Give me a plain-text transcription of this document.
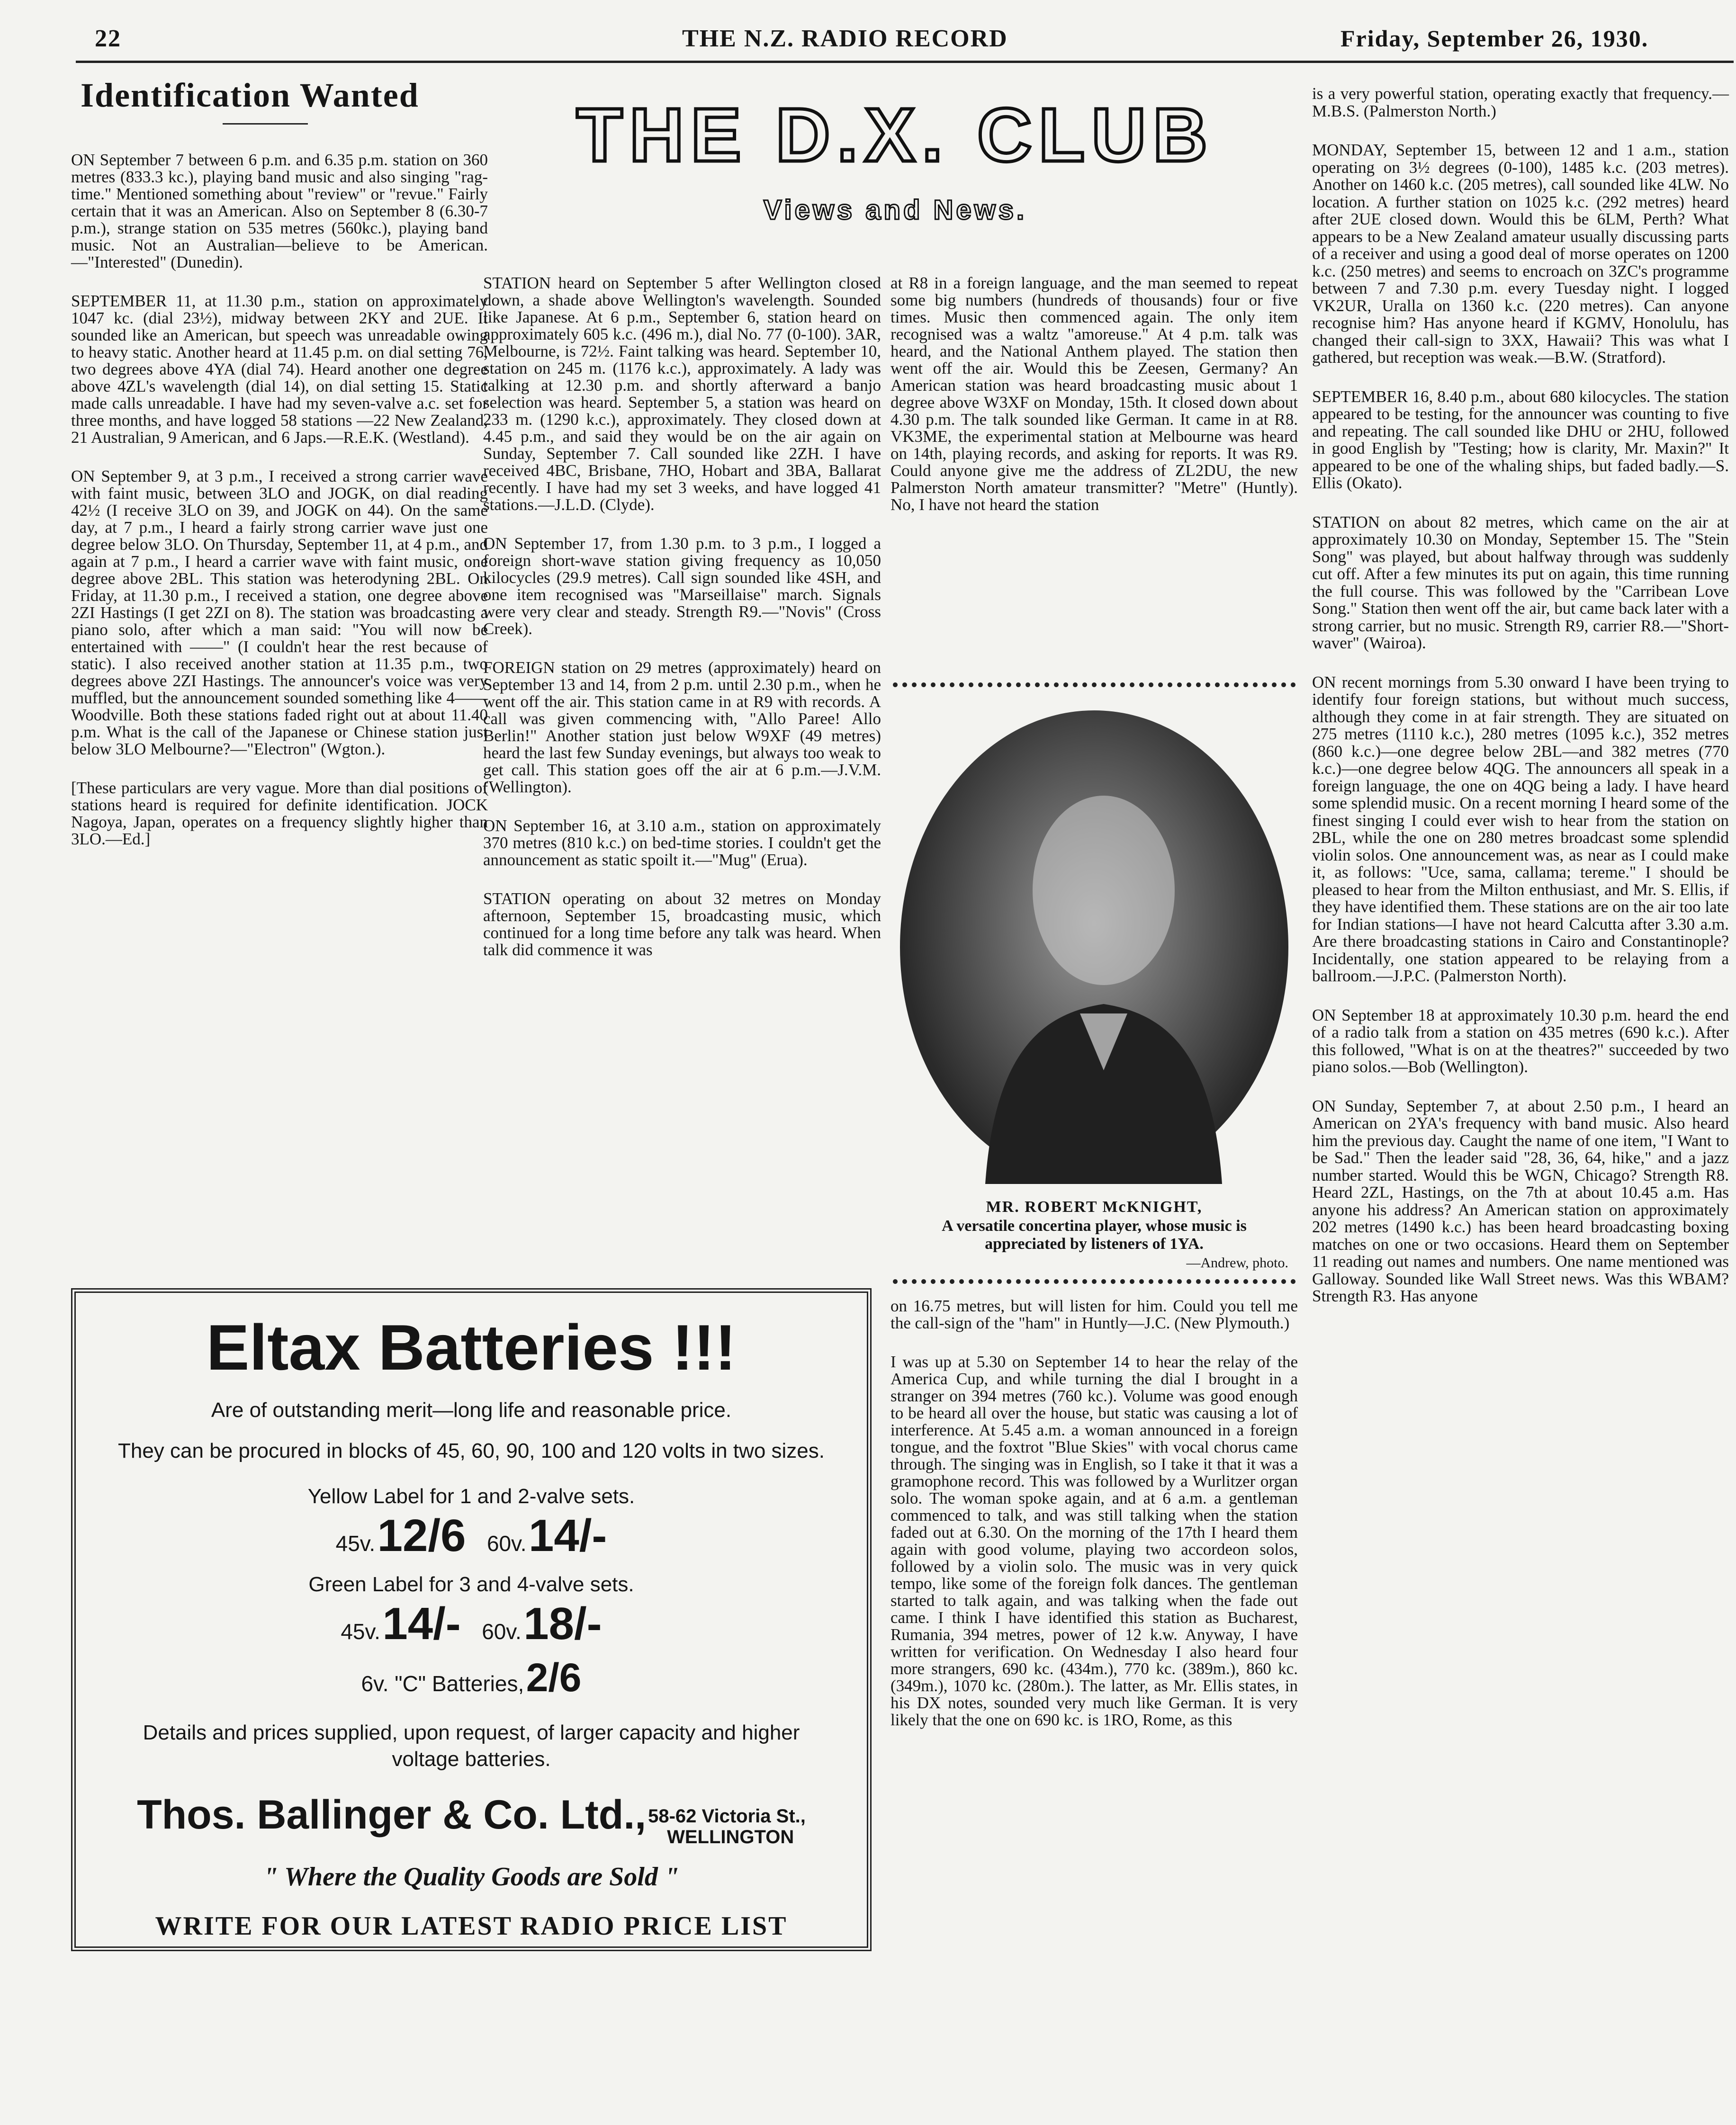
22	THE N.Z. RADIO RECORD	Friday, September 26, 1930.
Identification Wanted

ON September 7 between 6 p.m. and 6.35 p.m. station on 360 metres (833.3 kc.), playing band music and also singing "rag-time." Mentioned something about "review" or "revue." Fairly certain that it was an American. Also on September 8 (6.30-7 p.m.), strange station on 535 metres (560kc.), playing band music. Not an Australian—believe to be American.—"Interested" (Dunedin).

SEPTEMBER 11, at 11.30 p.m., station on approximately 1047 kc. (dial 23½), midway between 2KY and 2UE. It sounded like an American, but speech was unreadable owing to heavy static. Another heard at 11.45 p.m. on dial setting 76, two degrees above 4YA (dial 74). Heard another one degree above 4ZL's wavelength (dial 14), on dial setting 15. Static made calls unreadable. I have had my seven-valve a.c. set for three months, and have logged 58 stations —22 New Zealand, 21 Australian, 9 American, and 6 Japs.—R.E.K. (Westland).

ON September 9, at 3 p.m., I received a strong carrier wave with faint music, between 3LO and JOGK, on dial reading 42½ (I receive 3LO on 39, and JOGK on 44). On the same day, at 7 p.m., I heard a fairly strong carrier wave just one degree below 3LO. On Thursday, September 11, at 4 p.m., and again at 7 p.m., I heard a carrier wave with faint music, one degree above 2BL. This station was heterodyning 2BL. On Friday, at 11.30 p.m., I received a station, one degree above 2ZI Hastings (I get 2ZI on 8). The station was broadcasting a piano solo, after which a man said: "You will now be entertained with ——" (I couldn't hear the rest because of static). I also received another station at 11.35 p.m., two degrees above 2ZI Hastings. The announcer's voice was very muffled, but the announcement sounded something like 4—— Woodville. Both these stations faded right out at about 11.40 p.m. What is the call of the Japanese or Chinese station just below 3LO Melbourne?—"Electron" (Wgton.).

[These particulars are very vague. More than dial positions of stations heard is required for definite identification. JOCK Nagoya, Japan, operates on a frequency slightly higher than 3LO.—Ed.]

THE D.X. CLUB
Views and News.

STATION heard on September 5 after Wellington closed down, a shade above Wellington's wavelength. Sounded like Japanese. At 6 p.m., September 6, station heard on approximately 605 k.c. (496 m.), dial No. 77 (0-100). 3AR, Melbourne, is 72½. Faint talking was heard. September 10, station on 245 m. (1176 k.c.), approximately. A lady was talking at 12.30 p.m. and shortly afterward a banjo selection was heard. September 5, a station was heard on 233 m. (1290 k.c.), approximately. They closed down at 4.45 p.m., and said they would be on the air again on Sunday, September 7. Call sounded like 2ZH. I have received 4BC, Brisbane, 7HO, Hobart and 3BA, Ballarat recently. I have had my set 3 weeks, and have logged 41 stations.—J.L.D. (Clyde).

ON September 17, from 1.30 p.m. to 3 p.m., I logged a foreign short-wave station giving frequency as 10,050 kilocycles (29.9 metres). Call sign sounded like 4SH, and one item recognised was "Marseillaise" march. Signals were very clear and steady. Strength R9.—"Novis" (Cross Creek).

FOREIGN station on 29 metres (approximately) heard on September 13 and 14, from 2 p.m. until 2.30 p.m., when he went off the air. This station came in at R9 with records. A call was given commencing with, "Allo Paree! Allo Berlin!" Another station just below W9XF (49 metres) heard the last few Sunday evenings, but always too weak to get call. This station goes off the air at 6 p.m.—J.V.M. (Wellington).

ON September 16, at 3.10 a.m., station on approximately 370 metres (810 k.c.) on bed-time stories. I couldn't get the announcement as static spoilt it.—"Mug" (Erua).

STATION operating on about 32 metres on Monday afternoon, September 15, broadcasting music, which continued for a long time before any talk was heard. When talk did commence it was

at R8 in a foreign language, and the man seemed to repeat some big numbers (hundreds of thousands) four or five times. Music then commenced again. The only item recognised was a waltz "amoreuse." At 4 p.m. talk was heard, and the National Anthem played. The station then went off the air. Would this be Zeesen, Germany? An American station was heard broadcasting music about 1 degree above W3XF on Monday, 15th. It closed down about 4.30 p.m. The talk sounded like German. It came in at R8. VK3ME, the experimental station at Melbourne was heard on 14th, playing records, and asking for reports. It was R9. Could anyone give me the address of ZL2DU, the new Palmerston North amateur transmitter? "Metre" (Huntly). No, I have not heard the station

MR. ROBERT McKNIGHT,
A versatile concertina player, whose music is appreciated by listeners of 1YA.
—Andrew, photo.

on 16.75 metres, but will listen for him. Could you tell me the call-sign of the "ham" in Huntly—J.C. (New Plymouth.)

I was up at 5.30 on September 14 to hear the relay of the America Cup, and while turning the dial I brought in a stranger on 394 metres (760 kc.). Volume was good enough to be heard all over the house, but static was causing a lot of interference. At 5.45 a.m. a woman announced in a foreign tongue, and the foxtrot "Blue Skies" with vocal chorus came through. The singing was in English, so I take it that it was a gramophone record. This was followed by a Wurlitzer organ solo. The woman spoke again, and at 6 a.m. a gentleman commenced to talk, and was still talking when the station faded out at 6.30. On the morning of the 17th I heard them again with good volume, playing two accordeon solos, followed by a violin solo. The music was in very quick tempo, like some of the foreign folk dances. The gentleman started to talk again, and was talking when the fade out came. I think I have identified this station as Bucharest, Rumania, 394 metres, power of 12 k.w. Anyway, I have written for verification. On Wednesday I also heard four more strangers, 690 kc. (434m.), 770 kc. (389m.), 860 kc. (349m.), 1070 kc. (280m.). The latter, as Mr. Ellis states, in his DX notes, sounded very much like German. It is very likely that the one on 690 kc. is 1RO, Rome, as this

is a very powerful station, operating exactly that frequency.—M.B.S. (Palmerston North.)

MONDAY, September 15, between 12 and 1 a.m., station operating on 3½ degrees (0-100), 1485 k.c. (203 metres). Another on 1460 k.c. (205 metres), call sounded like 4LW. No location. A further station on 1025 k.c. (292 metres) heard after 2UE closed down. Would this be 6LM, Perth? What appears to be a New Zealand amateur usually discussing parts of a receiver and using a good deal of morse operates on 1200 k.c. (250 metres) and seems to encroach on 3ZC's programme between 7 and 7.30 p.m. every Tuesday night. I logged VK2UR, Uralla on 1360 k.c. (220 metres). Can anyone recognise him? Has anyone heard if KGMV, Honolulu, has changed their call-sign to 3XX, Hawaii? This was what I gathered, but reception was weak.—B.W. (Stratford).

SEPTEMBER 16, 8.40 p.m., about 680 kilocycles. The station appeared to be testing, for the announcer was counting to five and repeating. The call sounded like DHU or 2HU, followed in good English by "Testing; how is clarity, Mr. Maxin?" It appeared to be one of the whaling ships, but faded badly.—S. Ellis (Okato).

STATION on about 82 metres, which came on the air at approximately 10.30 on Monday, September 15. The "Stein Song" was played, but about halfway through was suddenly cut off. After a few minutes its put on again, this time running the full course. This was followed by the "Carribean Love Song." Station then went off the air, but came back later with a strong carrier, but no music. Strength R9, carrier R8.—"Short-waver" (Wairoa).

ON recent mornings from 5.30 onward I have been trying to identify four foreign stations, but without much success, although they come in at fair strength. They are situated on 275 metres (1110 k.c.), 280 metres (1095 k.c.), 352 metres (860 k.c.)—one degree below 2BL—and 382 metres (770 k.c.)—one degree below 4QG. The announcers all speak in a foreign language, the one on 4QG being a lady. I have heard some splendid music. On a recent morning I heard some of the finest singing I could ever wish to hear from the station on 2BL, while the one on 280 metres broadcast some splendid violin solos. One announcement was, as near as I could make it, as follows: "Uce, sama, callama; tereme." I should be pleased to hear from the Milton enthusiast, and Mr. S. Ellis, if they have identified them. These stations are on the air too late for Indian stations—I have not heard Calcutta after 3.30 a.m. Are there broadcasting stations in Cairo and Constantinople? Incidentally, one station appeared to be relaying from a ballroom.—J.P.C. (Palmerston North).

ON September 18 at approximately 10.30 p.m. heard the end of a radio talk from a station on 435 metres (690 k.c.). After this followed, "What is on at the theatres?" succeeded by two piano solos.—Bob (Wellington).

ON Sunday, September 7, at about 2.50 p.m., I heard an American on 2YA's frequency with band music. Also heard him the previous day. Caught the name of one item, "I Want to be Sad." Then the leader said "28, 36, 64, hike," and a jazz number started. Would this be WGN, Chicago? Strength R8. Heard 2ZL, Hastings, on the 7th at about 10.45 a.m. Has anyone his address? An American station on approximately 202 metres (1490 k.c.) has been heard broadcasting boxing matches on one or two occasions. Heard them on September 11 reading out names and numbers. One name mentioned was Galloway. Sounded like Wall Street news. Was this WBAM? Strength R3. Has anyone

Eltax Batteries !!!
Are of outstanding merit—long life and reasonable price.
They can be procured in blocks of 45, 60, 90, 100 and 120 volts in two sizes.
Yellow Label for 1 and 2-valve sets.
45v. 12/6 60v. 14/-
Green Label for 3 and 4-valve sets.
45v. 14/- 60v. 18/-
6v. "C" Batteries, 2/6
Details and prices supplied, upon request, of larger capacity and higher voltage batteries.
Thos. Ballinger & Co. Ltd., 58-62 Victoria St.,
WELLINGTON
" Where the Quality Goods are Sold "
WRITE FOR OUR LATEST RADIO PRICE LIST
